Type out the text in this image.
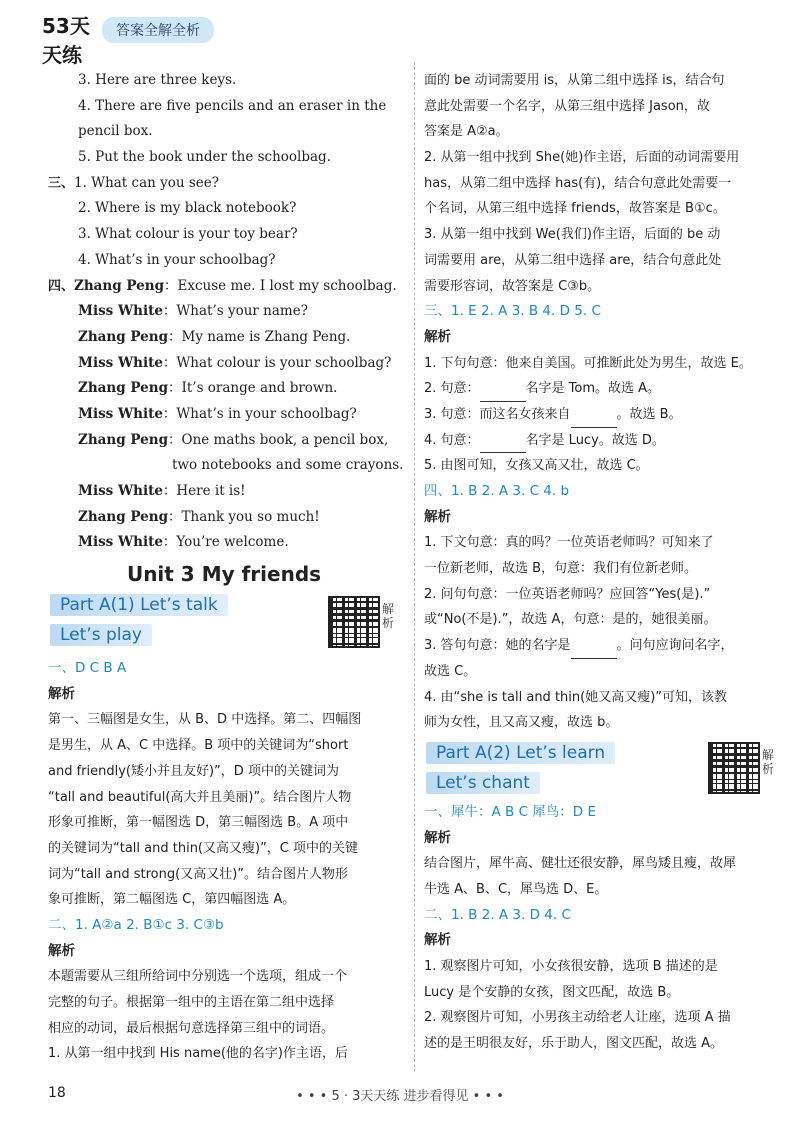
53天天练
答案全解全析
3. Here are three keys.
4. There are five pencils and an eraser in the
pencil box.
5. Put the book under the schoolbag.
三、1. What can you see?
2. Where is my black notebook?
3. What colour is your toy bear?
4. What’s in your schoolbag?
四、Zhang Peng：Excuse me. I lost my schoolbag.
Miss White：What’s your name?
Zhang Peng：My name is Zhang Peng.
Miss White：What colour is your schoolbag?
Zhang Peng：It’s orange and brown.
Miss White：What’s in your schoolbag?
Zhang Peng：One maths book, a pencil box,
two notebooks and some crayons.
Miss White：Here it is!
Zhang Peng：Thank you so much!
Miss White：You’re welcome.
Unit 3 My friends
Part A(1) Let’s talk
Let’s play
解析
一、D C B A
解析
第一、三幅图是女生，从 B、D 中选择。第二、四幅图
是男生，从 A、C 中选择。B 项中的关键词为“short
and friendly(矮小并且友好)”，D 项中的关键词为
“tall and beautiful(高大并且美丽)”。结合图片人物
形象可推断，第一幅图选 D，第三幅图选 B。A 项中
的关键词为“tall and thin(又高又瘦)”，C 项中的关键
词为“tall and strong(又高又壮)”。结合图片人物形
象可推断，第二幅图选 C，第四幅图选 A。
二、1. A②a 2. B①c 3. C③b
解析
本题需要从三组所给词中分别选一个选项，组成一个
完整的句子。根据第一组中的主语在第二组中选择
相应的动词，最后根据句意选择第三组中的词语。
1. 从第一组中找到 His name(他的名字)作主语，后
面的 be 动词需要用 is，从第二组中选择 is，结合句
意此处需要一个名字，从第三组中选择 Jason，故
答案是 A②a。
2. 从第一组中找到 She(她)作主语，后面的动词需要用
has，从第二组中选择 has(有)，结合句意此处需要一
个名词，从第三组中选择 friends，故答案是 B①c。
3. 从第一组中找到 We(我们)作主语，后面的 be 动
词需要用 are，从第二组中选择 are，结合句意此处
需要形容词，故答案是 C③b。
三、1. E 2. A 3. B 4. D 5. C
解析
1. 下句句意：他来自美国。可推断此处为男生，故选 E。
2. 句意：	名字是 Tom。故选 A。
3. 句意：而这名女孩来自	。故选 B。
4. 句意：	名字是 Lucy。故选 D。
5. 由图可知，女孩又高又壮，故选 C。
四、1. B 2. A 3. C 4. b
解析
1. 下文句意：真的吗？一位英语老师吗？可知来了
一位新老师，故选 B，句意：我们有位新老师。
2. 问句句意：一位英语老师吗？应回答“Yes(是).”
或“No(不是).”，故选 A，句意：是的，她很美丽。
3. 答句句意：她的名字是	。问句应询问名字，
故选 C。
4. 由“she is tall and thin(她又高又瘦)”可知，该教
师为女性，且又高又瘦，故选 b。
Part A(2) Let’s learn
Let’s chant
解析
一、犀牛：A B C 犀鸟：D E
解析
结合图片，犀牛高、健壮还很安静，犀鸟矮且瘦，故犀
牛选 A、B、C，犀鸟选 D、E。
二、1. B 2. A 3. D 4. C
解析
1. 观察图片可知，小女孩很安静，选项 B 描述的是
Lucy 是个安静的女孩，图文匹配，故选 B。
2. 观察图片可知，小男孩主动给老人让座，选项 A 描
述的是王明很友好，乐于助人，图文匹配，故选 A。
• • • 5 · 3天天练 进步看得见 • • •
18
